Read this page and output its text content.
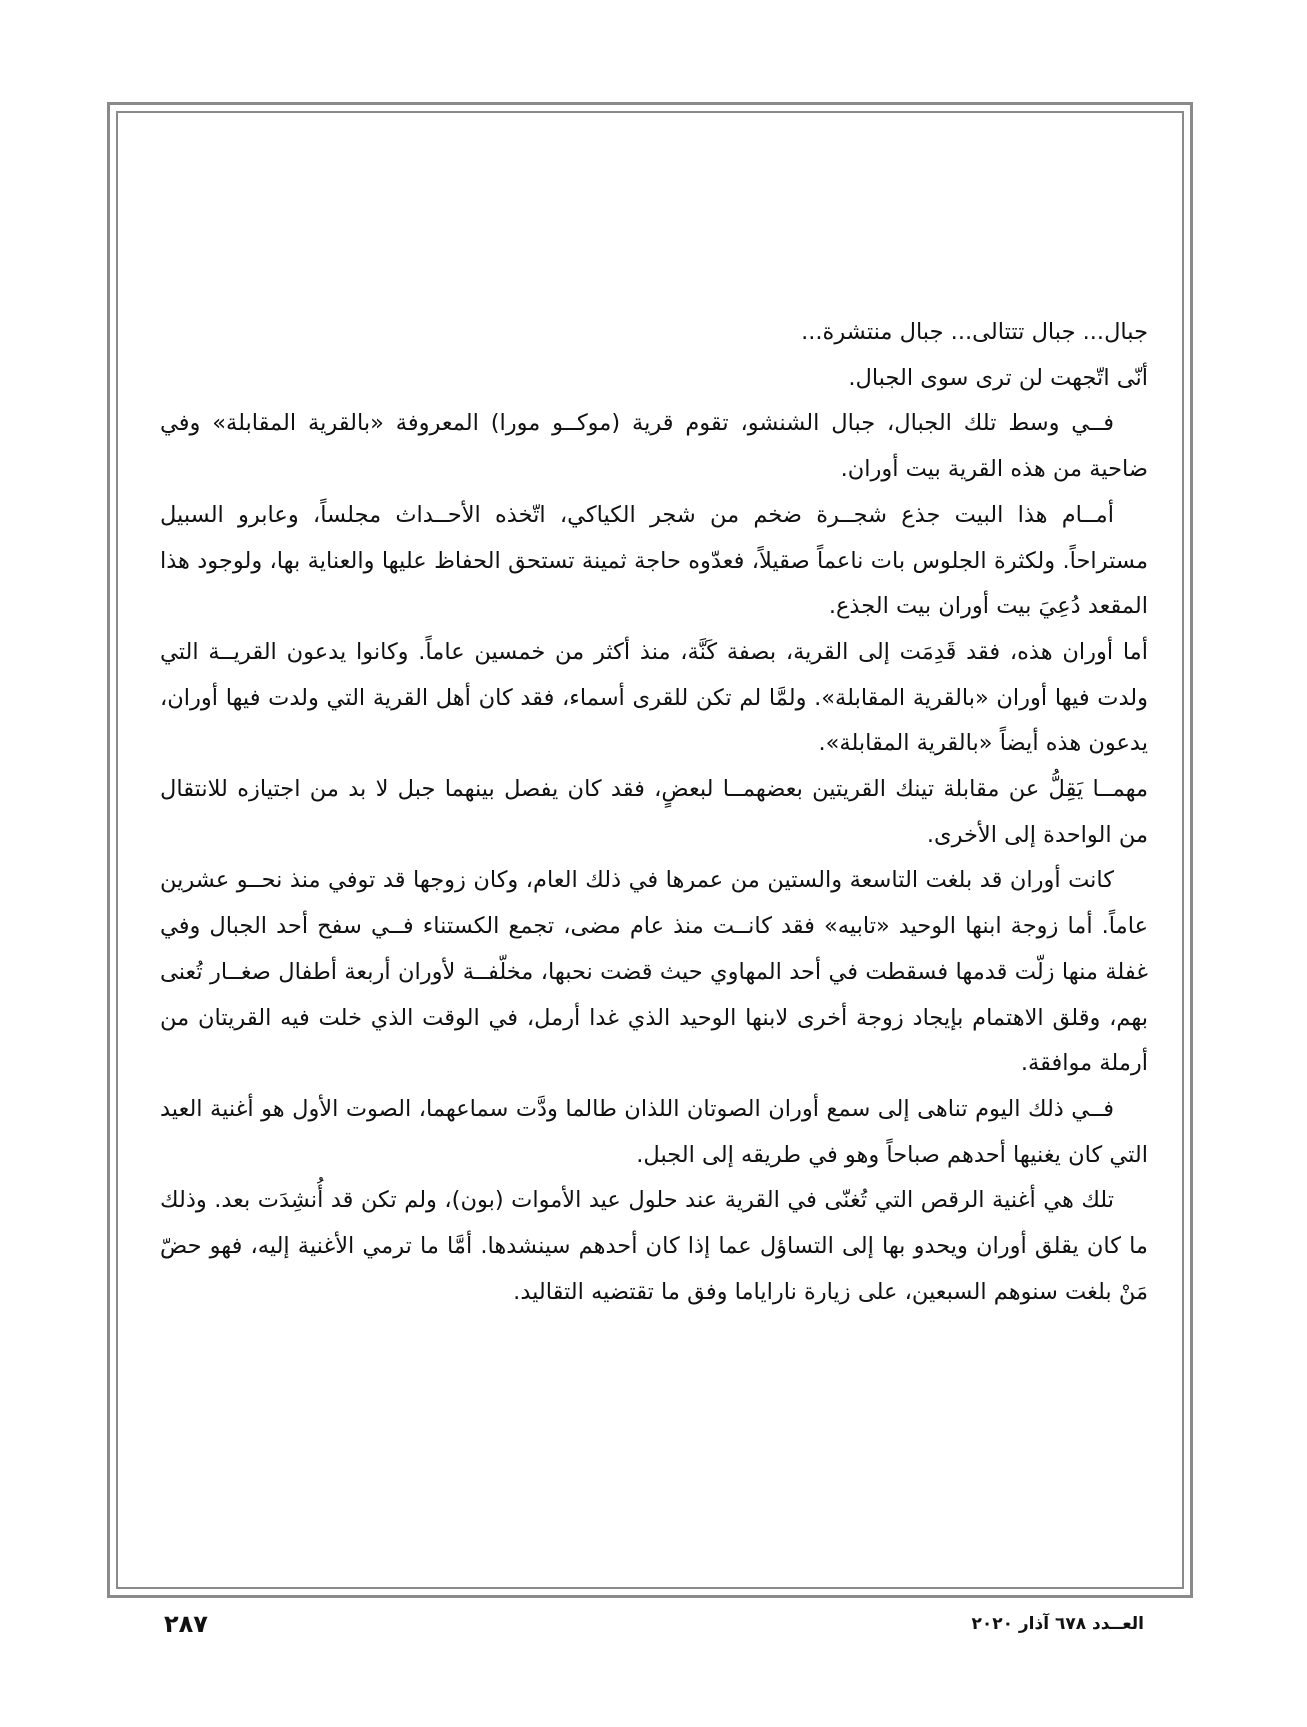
جبال... جبال تتتالى... جبال منتشرة...

أنّى اتّجهت لن ترى سوى الجبال.

فــي وسط تلك الجبال، جبال الشنشو، تقوم قرية (موكــو مورا) المعروفة «بالقرية المقابلة» وفي ضاحية من هذه القرية بيت أوران.

أمــام هذا البيت جذع شجــرة ضخم من شجر الكياكي، اتّخذه الأحــداث مجلساً، وعابرو السبيل مستراحاً. ولكثرة الجلوس بات ناعماً صقيلاً، فعدّوه حاجة ثمينة تستحق الحفاظ عليها والعناية بها، ولوجود هذا المقعد دُعِيَ بيت أوران بيت الجذع.

أما أوران هذه، فقد قَدِمَت إلى القرية، بصفة كَنَّة، منذ أكثر من خمسين عاماً. وكانوا يدعون القريــة التي ولدت فيها أوران «بالقرية المقابلة». ولمَّا لم تكن للقرى أسماء، فقد كان أهل القرية التي ولدت فيها أوران، يدعون هذه أيضاً «بالقرية المقابلة».

مهمــا يَقِلُّ عن مقابلة تينك القريتين بعضهمــا لبعضٍ، فقد كان يفصل بينهما جبل لا بد من اجتيازه للانتقال من الواحدة إلى الأخرى.

كانت أوران قد بلغت التاسعة والستين من عمرها في ذلك العام، وكان زوجها قد توفي منذ نحــو عشرين عاماً. أما زوجة ابنها الوحيد «تابيه» فقد كانــت منذ عام مضى، تجمع الكستناء فــي سفح أحد الجبال وفي غفلة منها زلّت قدمها فسقطت في أحد المهاوي حيث قضت نحبها، مخلّفــة لأوران أربعة أطفال صغــار تُعنى بهم، وقلق الاهتمام بإيجاد زوجة أخرى لابنها الوحيد الذي غدا أرمل، في الوقت الذي خلت فيه القريتان من أرملة موافقة.

فــي ذلك اليوم تناهى إلى سمع أوران الصوتان اللذان طالما ودَّت سماعهما، الصوت الأول هو أغنية العيد التي كان يغنيها أحدهم صباحاً وهو في طريقه إلى الجبل.

تلك هي أغنية الرقص التي تُغنّى في القرية عند حلول عيد الأموات (بون)، ولم تكن قد أُنشِدَت بعد. وذلك ما كان يقلق أوران ويحدو بها إلى التساؤل عما إذا كان أحدهم سينشدها. أمَّا ما ترمي الأغنية إليه، فهو حضّ مَنْ بلغت سنوهم السبعين، على زيارة نارایاما وفق ما تقتضيه التقاليد.

٢٨٧	العــدد ٦٧٨ آذار ٢٠٢٠
